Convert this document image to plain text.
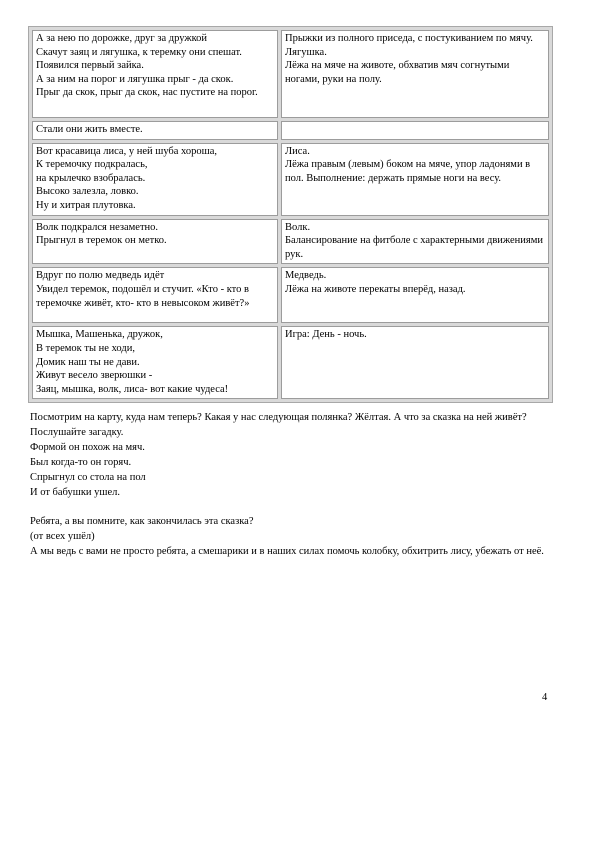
А за нею по дорожке, друг за дружкой
Скачут заяц и лягушка, к теремку они спешат.
Появился первый зайка.
А за ним на порог и лягушка прыг - да скок.
Прыг да скок, прыг да скок, нас пустите на порог.	Прыжки из полного приседа, с постукиванием по мячу.
Лягушка.
Лёжа на мяче на животе, обхватив мяч согнутыми ногами, руки на полу.

Стали они жить вместе.	

Вот красавица лиса, у ней шуба хороша,
К теремочку подкралась,
на крылечко взобралась.
Высоко залезла, ловко.
Ну и хитрая плутовка.	Лиса.
Лёжа правым (левым) боком на мяче, упор ладонями в пол. Выполнение: держать прямые ноги на весу.

Волк подкрался незаметно.
Прыгнул в теремок он метко.	Волк.
Балансирование на фитболе с характерными движениями рук.

Вдруг по полю медведь идёт
Увидел теремок, подошёл и стучит. «Кто - кто в теремочке живёт, кто- кто в невысоком живёт?»	Медведь.
Лёжа на животе перекаты вперёд, назад.

Мышка, Машенька, дружок,
В теремок ты не ходи,
Домик наш ты не дави.
Живут весело зверюшки -
Заяц, мышка, волк, лиса- вот какие чудеса!	Игра: День - ночь.

Посмотрим на карту, куда нам теперь? Какая у нас следующая полянка? Жёлтая. А что за сказка на ней живёт? Послушайте загадку.

Формой он похож на мяч.

Был когда-то он горяч.

Спрыгнул со стола на пол

И от бабушки ушел.

Ребята, а вы помните, как закончилась эта сказка?

(от всех ушёл)

А мы ведь с вами не просто ребята, а смешарики и в наших силах помочь колобку, обхитрить лису, убежать от неё.

4
